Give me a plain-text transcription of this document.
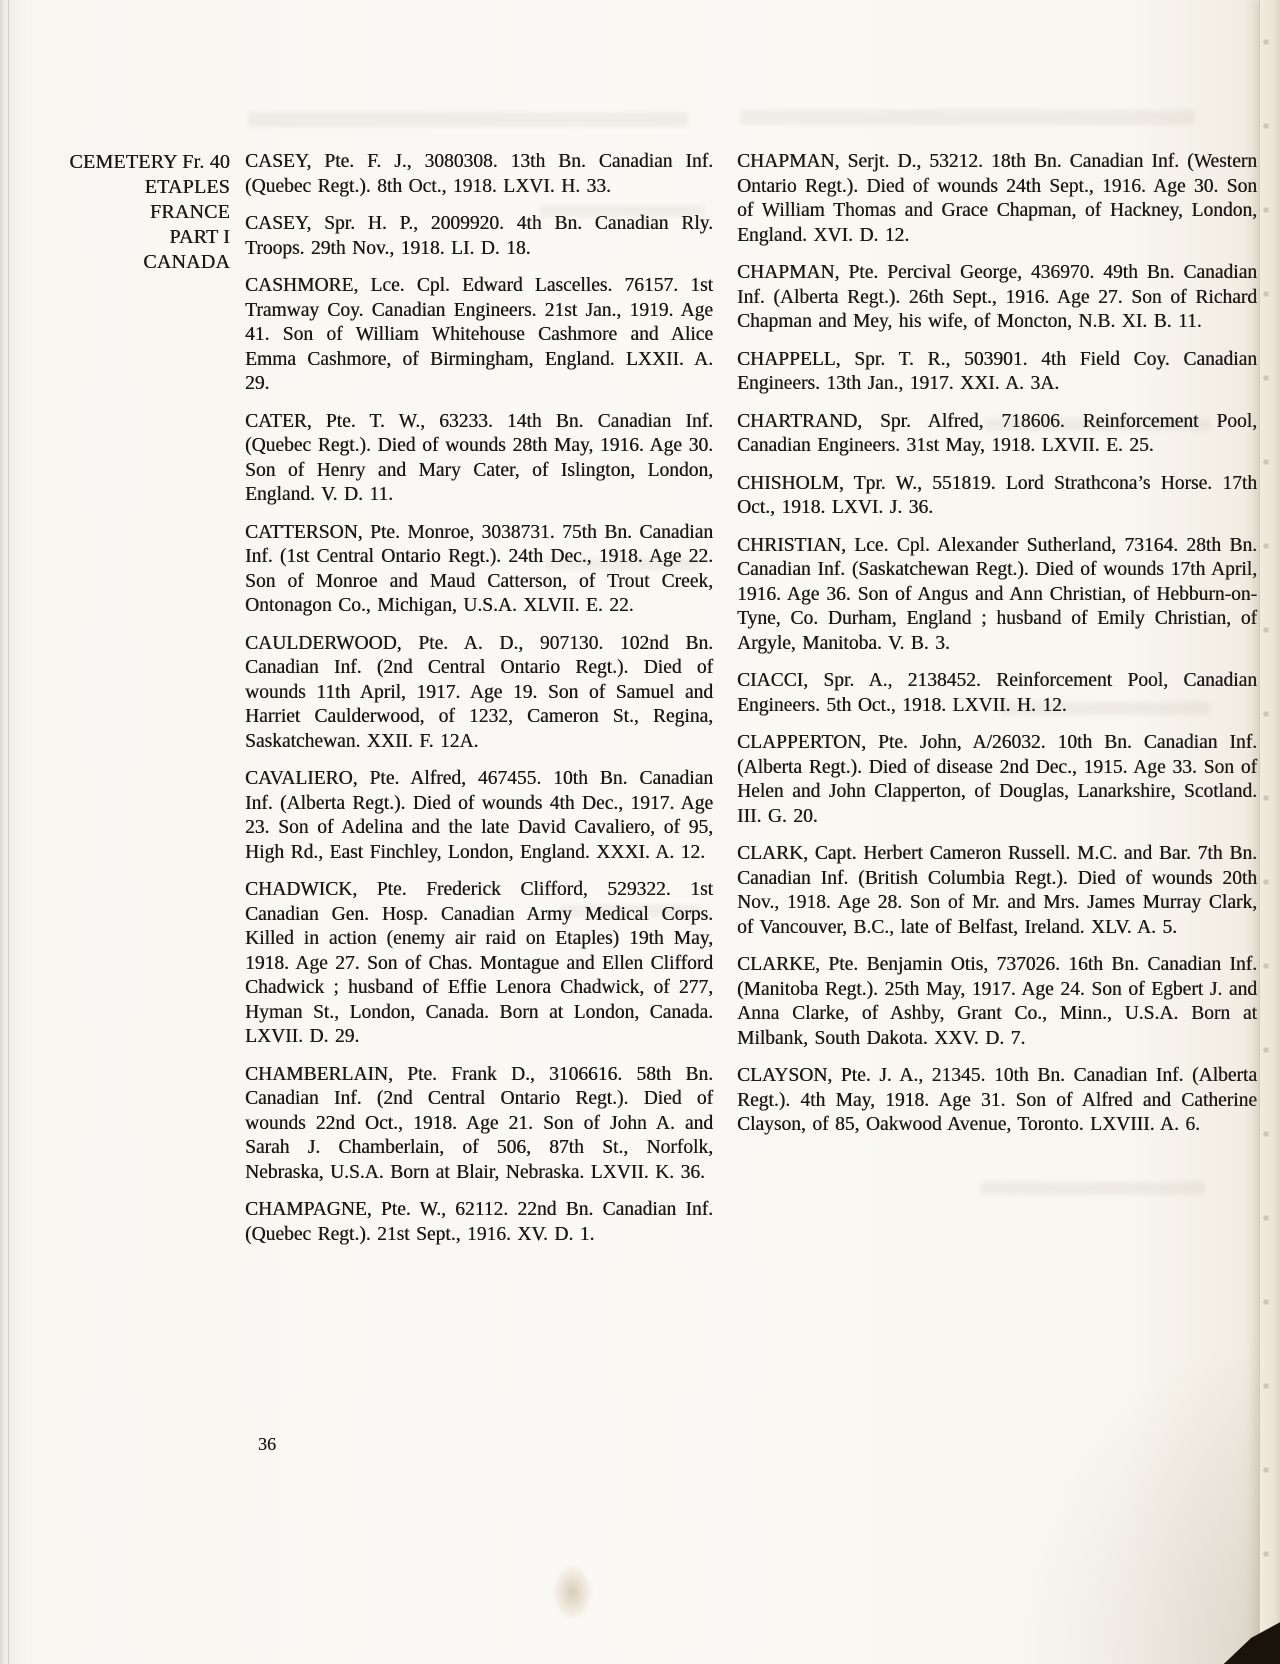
CEMETERY Fr. 40

ETAPLES

FRANCE

PART I

CANADA

CASEY, Pte. F. J., 3080308. 13th Bn. Canadian Inf. (Quebec Regt.). 8th Oct., 1918. LXVI. H. 33.

CASEY, Spr. H. P., 2009920. 4th Bn. Canadian Rly. Troops. 29th Nov., 1918. LI. D. 18.

CASHMORE, Lce. Cpl. Edward Lascelles. 76157. 1st Tramway Coy. Canadian Engineers. 21st Jan., 1919. Age 41. Son of William Whitehouse Cashmore and Alice Emma Cashmore, of Birmingham, England. LXXII. A. 29.

CATER, Pte. T. W., 63233. 14th Bn. Canadian Inf. (Quebec Regt.). Died of wounds 28th May, 1916. Age 30. Son of Henry and Mary Cater, of Islington, London, England. V. D. 11.

CATTERSON, Pte. Monroe, 3038731. 75th Bn. Canadian Inf. (1st Central Ontario Regt.). 24th Dec., 1918. Age 22. Son of Monroe and Maud Catterson, of Trout Creek, Ontonagon Co., Michigan, U.S.A. XLVII. E. 22.

CAULDERWOOD, Pte. A. D., 907130. 102nd Bn. Canadian Inf. (2nd Central Ontario Regt.). Died of wounds 11th April, 1917. Age 19. Son of Samuel and Harriet Caulderwood, of 1232, Cameron St., Regina, Saskatchewan. XXII. F. 12A.

CAVALIERO, Pte. Alfred, 467455. 10th Bn. Canadian Inf. (Alberta Regt.). Died of wounds 4th Dec., 1917. Age 23. Son of Adelina and the late David Cavaliero, of 95, High Rd., East Finchley, London, England. XXXI. A. 12.

CHADWICK, Pte. Frederick Clifford, 529322. 1st Canadian Gen. Hosp. Canadian Army Medical Corps. Killed in action (enemy air raid on Etaples) 19th May, 1918. Age 27. Son of Chas. Montague and Ellen Clifford Chadwick ; husband of Effie Lenora Chadwick, of 277, Hyman St., London, Canada. Born at London, Canada. LXVII. D. 29.

CHAMBERLAIN, Pte. Frank D., 3106616. 58th Bn. Canadian Inf. (2nd Central Ontario Regt.). Died of wounds 22nd Oct., 1918. Age 21. Son of John A. and Sarah J. Chamberlain, of 506, 87th St., Norfolk, Nebraska, U.S.A. Born at Blair, Nebraska. LXVII. K. 36.

CHAMPAGNE, Pte. W., 62112. 22nd Bn. Canadian Inf. (Quebec Regt.). 21st Sept., 1916. XV. D. 1.

CHAPMAN, Serjt. D., 53212. 18th Bn. Canadian Inf. (Western Ontario Regt.). Died of wounds 24th Sept., 1916. Age 30. Son of William Thomas and Grace Chapman, of Hackney, London, England. XVI. D. 12.

CHAPMAN, Pte. Percival George, 436970. 49th Bn. Canadian Inf. (Alberta Regt.). 26th Sept., 1916. Age 27. Son of Richard Chapman and Mey, his wife, of Moncton, N.B. XI. B. 11.

CHAPPELL, Spr. T. R., 503901. 4th Field Coy. Canadian Engineers. 13th Jan., 1917. XXI. A. 3A.

CHARTRAND, Spr. Alfred, 718606. Reinforcement Pool, Canadian Engineers. 31st May, 1918. LXVII. E. 25.

CHISHOLM, Tpr. W., 551819. Lord Strathcona’s Horse. 17th Oct., 1918. LXVI. J. 36.

CHRISTIAN, Lce. Cpl. Alexander Sutherland, 73164. 28th Bn. Canadian Inf. (Saskatchewan Regt.). Died of wounds 17th April, 1916. Age 36. Son of Angus and Ann Christian, of Hebburn-on-Tyne, Co. Durham, England ; husband of Emily Christian, of Argyle, Manitoba. V. B. 3.

CIACCI, Spr. A., 2138452. Reinforcement Pool, Canadian Engineers. 5th Oct., 1918. LXVII. H. 12.

CLAPPERTON, Pte. John, A/26032. 10th Bn. Canadian Inf. (Alberta Regt.). Died of disease 2nd Dec., 1915. Age 33. Son of Helen and John Clapperton, of Douglas, Lanarkshire, Scotland. III. G. 20.

CLARK, Capt. Herbert Cameron Russell. M.C. and Bar. 7th Bn. Canadian Inf. (British Columbia Regt.). Died of wounds 20th Nov., 1918. Age 28. Son of Mr. and Mrs. James Murray Clark, of Vancouver, B.C., late of Belfast, Ireland. XLV. A. 5.

CLARKE, Pte. Benjamin Otis, 737026. 16th Bn. Canadian Inf. (Manitoba Regt.). 25th May, 1917. Age 24. Son of Egbert J. and Anna Clarke, of Ashby, Grant Co., Minn., U.S.A. Born at Milbank, South Dakota. XXV. D. 7.

CLAYSON, Pte. J. A., 21345. 10th Bn. Canadian Inf. (Alberta Regt.). 4th May, 1918. Age 31. Son of Alfred and Catherine Clayson, of 85, Oakwood Avenue, Toronto. LXVIII. A. 6.

36
